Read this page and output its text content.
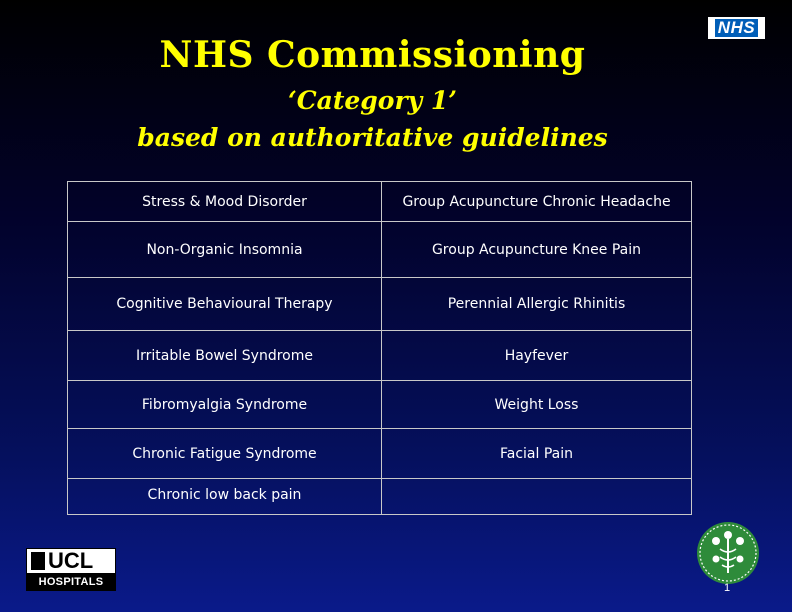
NHS Commissioning
‘Category 1’
based on authoritative guidelines
NHS
Stress & Mood Disorder	Group Acupuncture Chronic Headache
Non-Organic Insomnia	Group Acupuncture Knee Pain
Cognitive Behavioural Therapy	Perennial Allergic Rhinitis
Irritable Bowel Syndrome	Hayfever
Fibromyalgia Syndrome	Weight Loss
Chronic Fatigue Syndrome	Facial Pain
Chronic low back pain	
UCL
HOSPITALS
1
